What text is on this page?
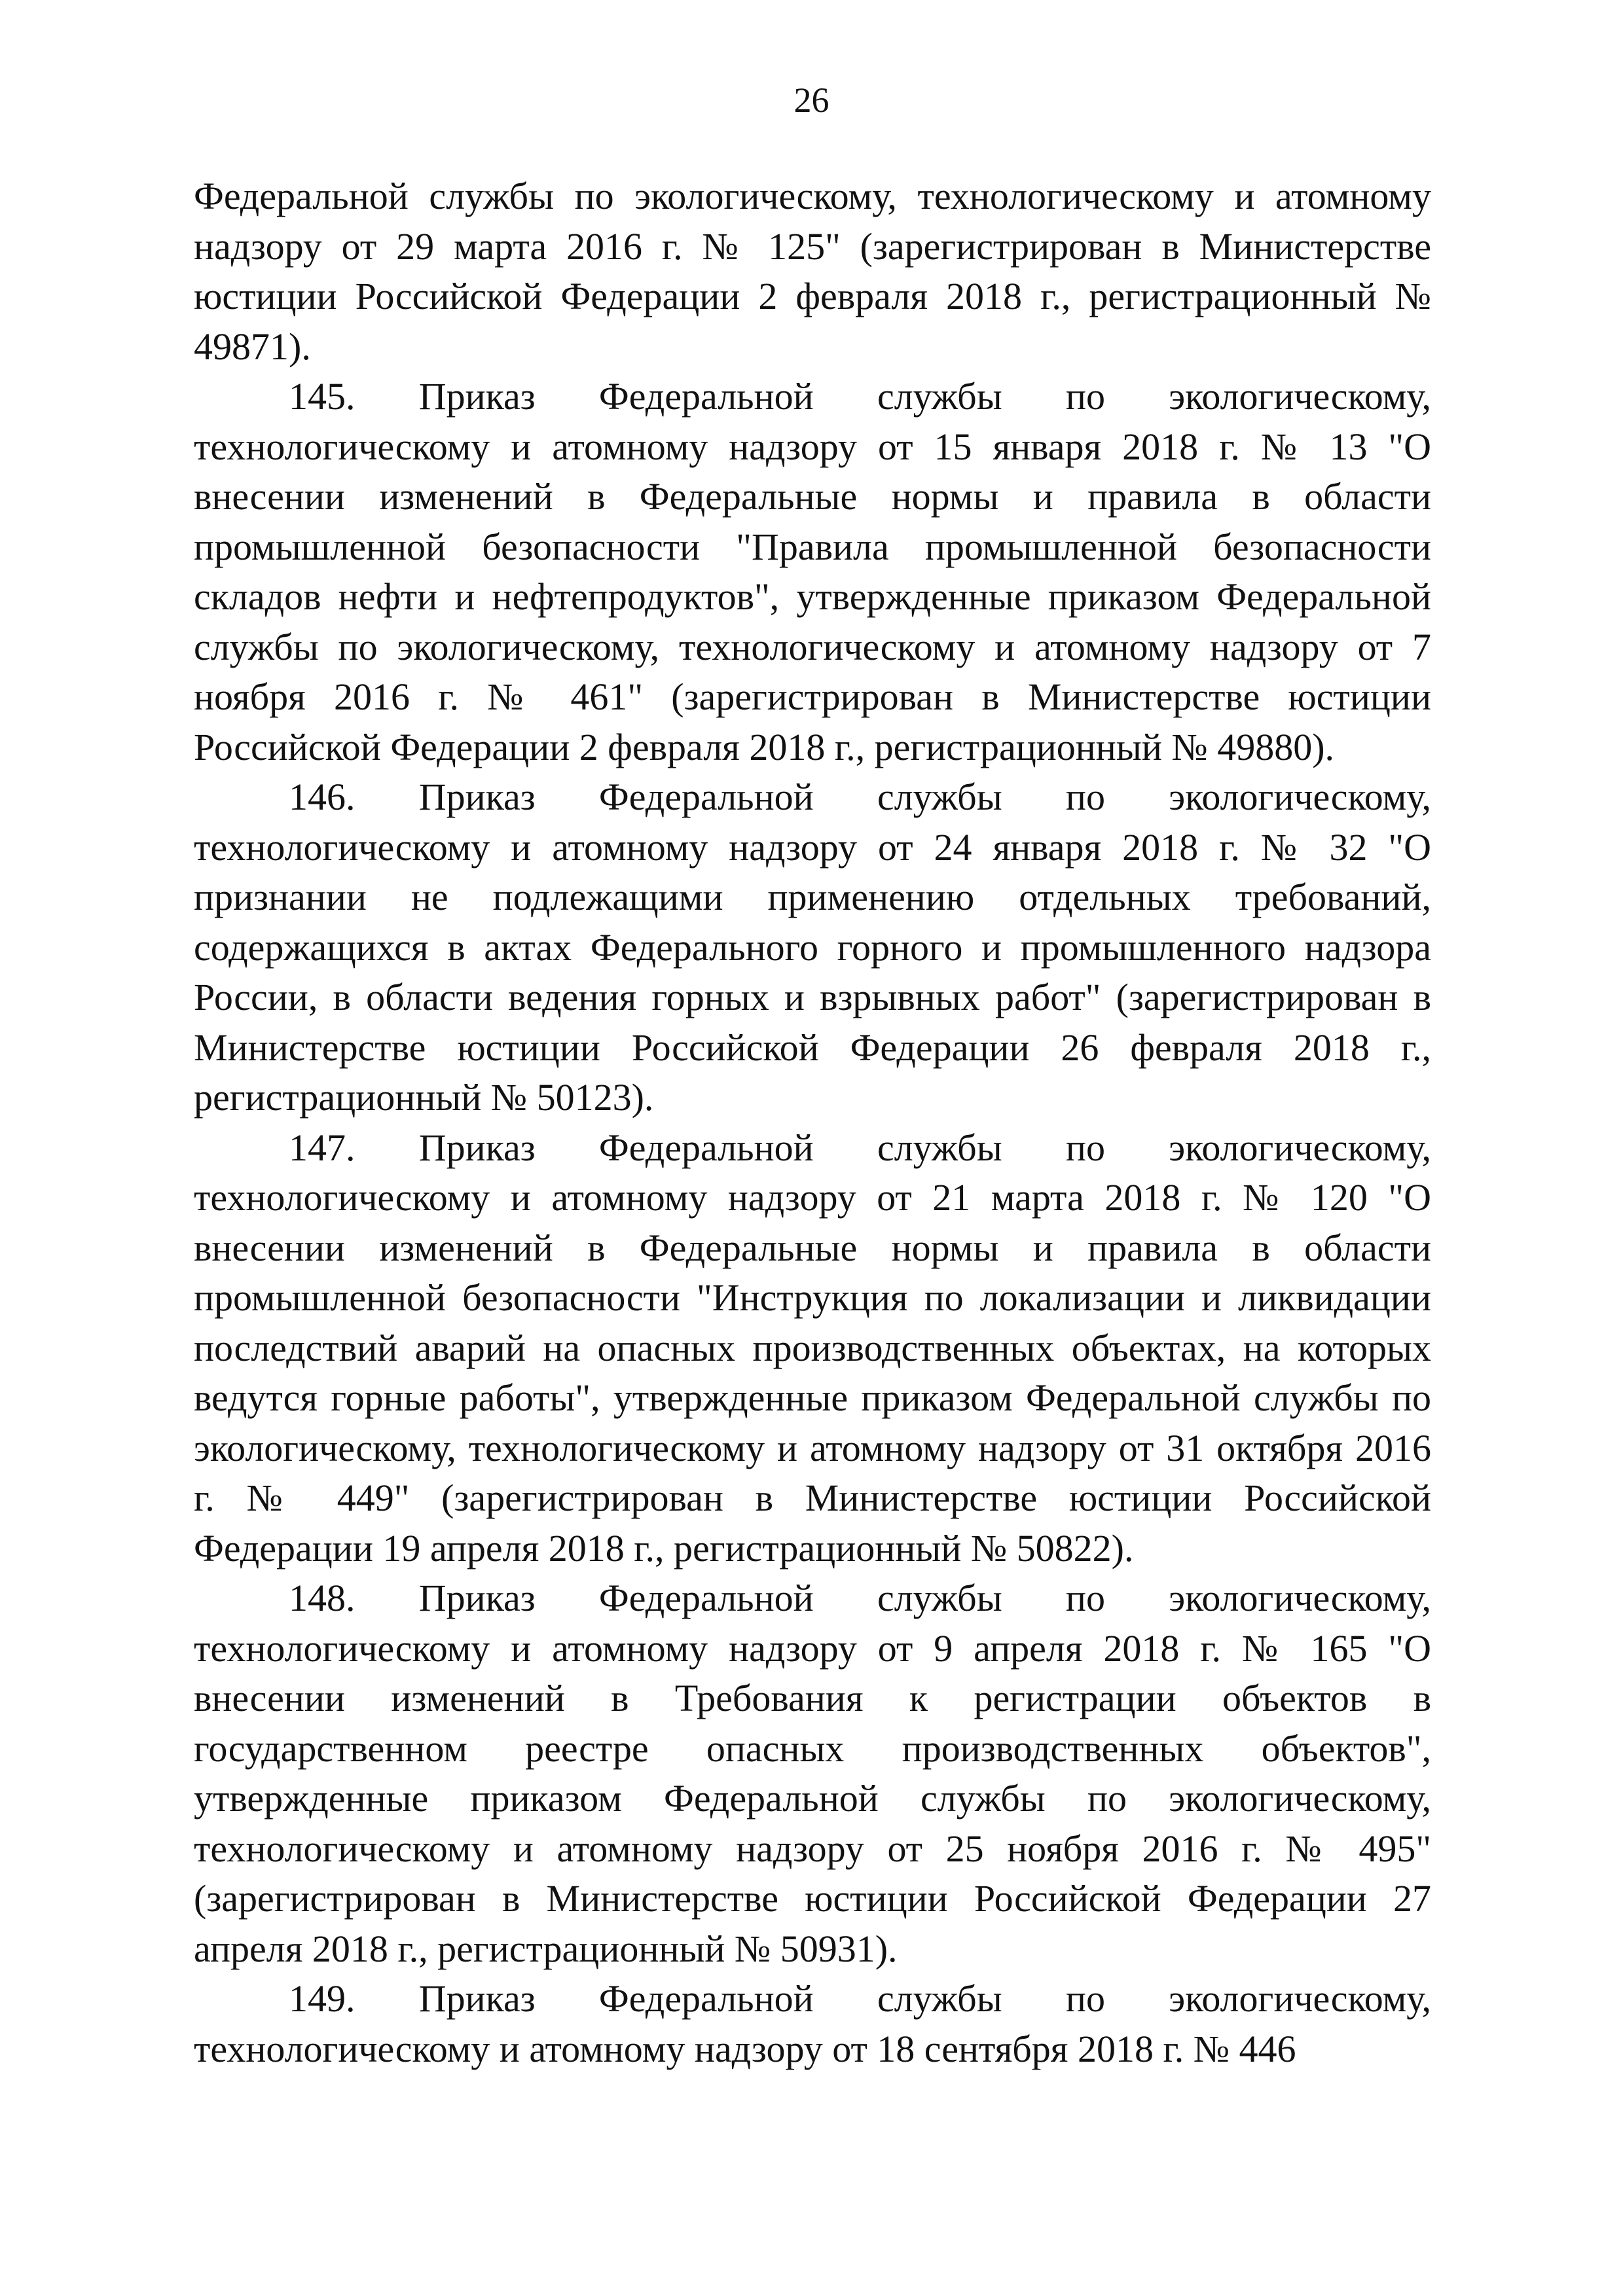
26

Федеральной службы по экологическому, технологическому и атомному надзору от 29 марта 2016 г. № 125" (зарегистрирован в Министерстве юстиции Российской Федерации 2 февраля 2018 г., регистрационный № 49871).

145. Приказ Федеральной службы по экологическому, технологическому и атомному надзору от 15 января 2018 г. № 13 "О внесении изменений в Федеральные нормы и правила в области промышленной безопасности "Правила промышленной безопасности складов нефти и нефтепродуктов", утвержденные приказом Федеральной службы по экологическому, технологическому и атомному надзору от 7 ноября 2016 г. № 461" (зарегистрирован в Министерстве юстиции Российской Федерации 2 февраля 2018 г., регистрационный № 49880).

146. Приказ Федеральной службы по экологическому, технологическому и атомному надзору от 24 января 2018 г. № 32 "О признании не подлежащими применению отдельных требований, содержащихся в актах Федерального горного и промышленного надзора России, в области ведения горных и взрывных работ" (зарегистрирован в Министерстве юстиции Российской Федерации 26 февраля 2018 г., регистрационный № 50123).

147. Приказ Федеральной службы по экологическому, технологическому и атомному надзору от 21 марта 2018 г. № 120 "О внесении изменений в Федеральные нормы и правила в области промышленной безопасности "Инструкция по локализации и ликвидации последствий аварий на опасных производственных объектах, на которых ведутся горные работы", утвержденные приказом Федеральной службы по экологическому, технологическому и атомному надзору от 31 октября 2016 г. № 449" (зарегистрирован в Министерстве юстиции Российской Федерации 19 апреля 2018 г., регистрационный № 50822).

148. Приказ Федеральной службы по экологическому, технологическому и атомному надзору от 9 апреля 2018 г. № 165 "О внесении изменений в Требования к регистрации объектов в государственном реестре опасных производственных объектов", утвержденные приказом Федеральной службы по экологическому, технологическому и атомному надзору от 25 ноября 2016 г. № 495" (зарегистрирован в Министерстве юстиции Российской Федерации 27 апреля 2018 г., регистрационный № 50931).

149. Приказ Федеральной службы по экологическому, технологическому и атомному надзору от 18 сентября 2018 г. № 446
